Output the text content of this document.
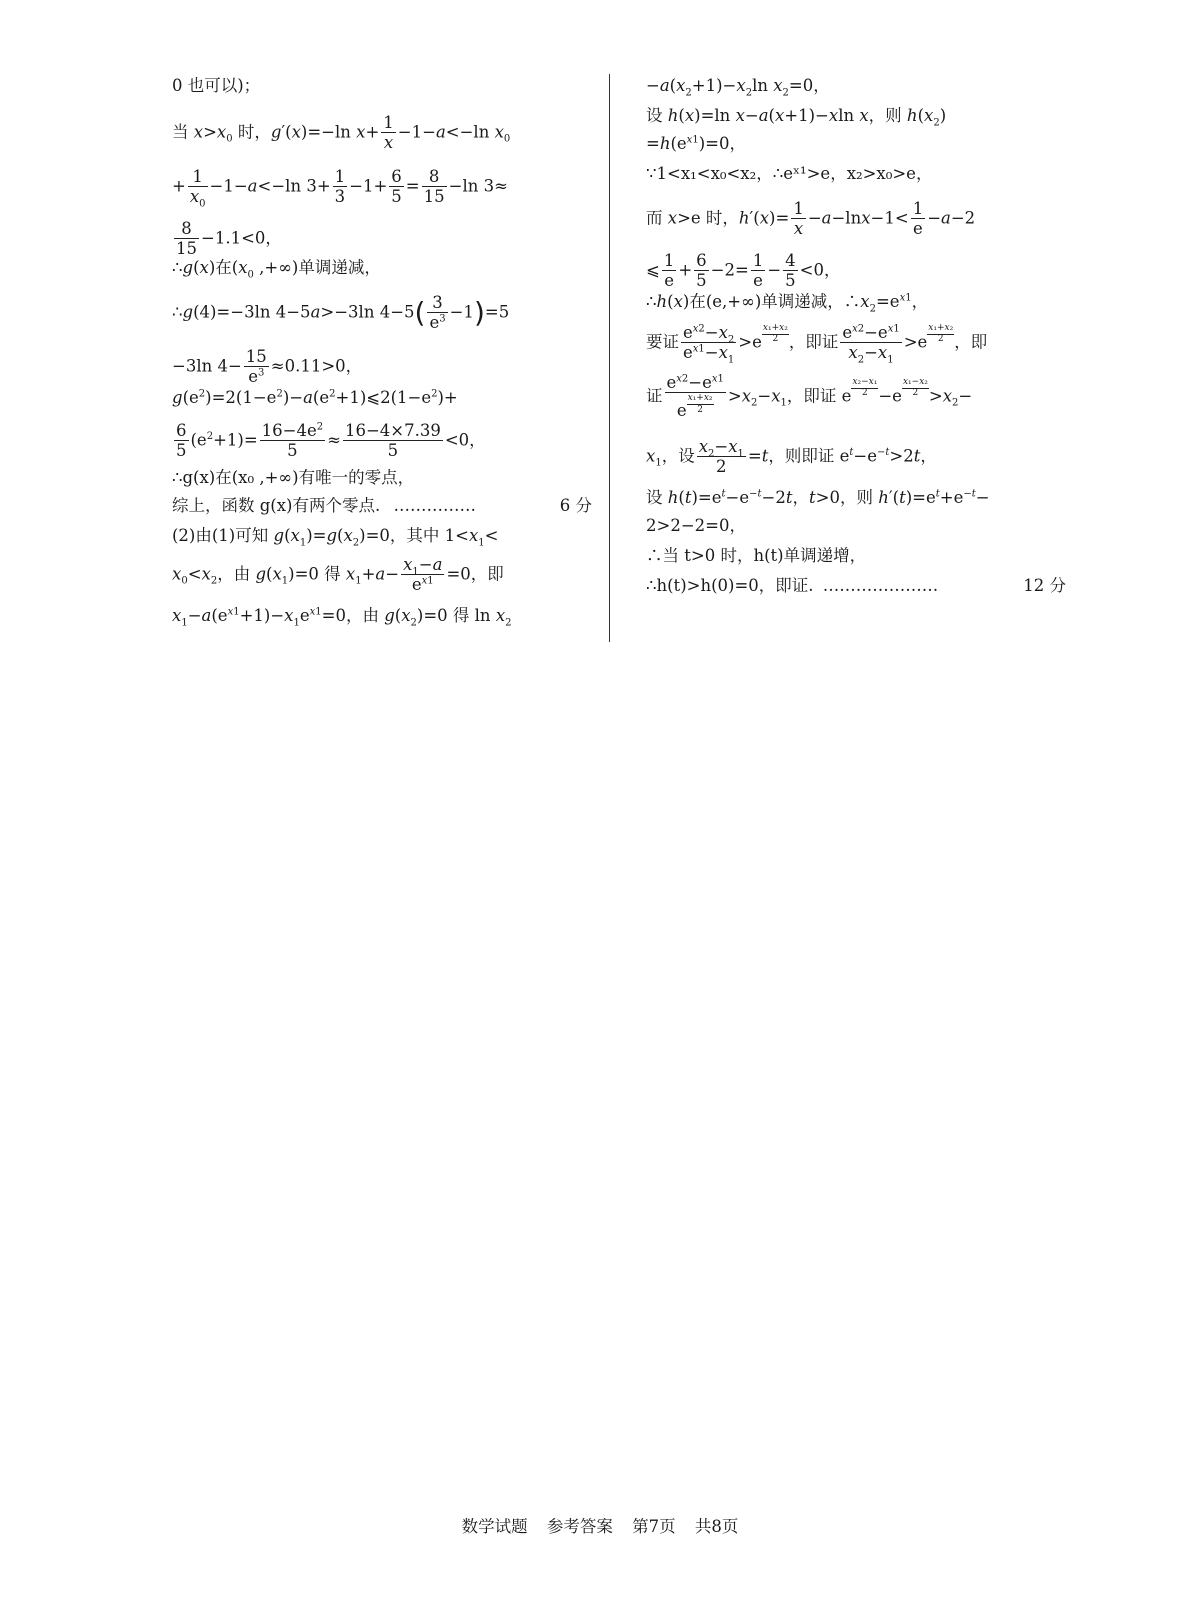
0 也可以)；
当 $x>x_0$ 时，g′(x)=−ln $x+ \frac{1}{x} -1-a<-\ln$ $x_0$
+ $\frac{1}{x_0} -1-a<-\ln$ $3+ \frac{1}{3} -1+ \frac{6}{5} = \frac{8}{15} -\ln$ 3≈
$\frac{8}{15} -1.1<0$，
∴g(x)在($x_0$ ,+∞)单调递减，
∴g(4)=−3ln 4−5a>−3ln $4-5( \frac{3}{e^3} -1)=5$
−3ln $4- \frac{15}{e^3} \approx 0.11>0$，
$g(e^2)=2(1-e^2)-a(e^2+1)⩽2(1-e^2)+$
$\frac{6}{5} (e^2+1)= \frac{16-4e^2}{5} \approx \frac{16-4\times 7.39}{5} <0$，
∴g(x)在(x₀ ,+∞)有唯一的零点，
综上，函数 g(x)有两个零点. ……………	6 分
(2)由(1)可知 $g(x_1)=g(x_2)=0$，其中 $1<x_1<$
$x_0<x_2$，由 $g(x_1)=0$ 得 $x_1+a- \frac{x_1-a}{e^{x1}} =0$，即
$x_1-a(e^{x1}+1)-x_1e^{x1}=0$，由 $g(x_2)=0$ 得 $\ln x_2$
$-a(x_2+1)-x_2\ln$ $x_2=0$，
设 h(x)=ln x−a(x+1)−xln x，则 $h(x_2)$
$=h(e^{x1})=0$，
∵1<x₁<x₀<x₂，∴eˣ¹>e，x₂>x₀>e，
而 x>e 时，$h'(x)= \frac{1}{x} -a-\ln x-1< \frac{1}{e} -a-2$
⩽ $\frac{1}{e} + \frac{6}{5} -2= \frac{1}{e} - \frac{4}{5} <0$，
∴h(x)在(e,+∞)单调递减，$\therefore x_2=e^{x1}$，
要证 $\frac{e^{x2}-x_2}{e^{x1}-x_1} >e \frac{\text{x₁+x₂}}{2}$ ，即证 $\frac{e^{x2}-e^{x1}}{x_2-x_1} >e \frac{\text{x₁+x₂}}{2}$ ，即
证 $\frac{e^{x2}-e^{x1}}{e \frac{\text{x₁+x₂}}{2}} >x_2-x_1$，即证 e $\frac{\text{x₂−x₁}}{2} -e \frac{\text{x₁−x₂}}{2} >x_2-$
$x_1$，设 $\frac{x_2-x_1}{2} =t$，则即证 $e^t-e^{-t}>2t$，
设 $h(t)=e^t-e^{-t}-2t$，t>0，则 $h'(t)=e^t+e^{-t}-$
2>2−2=0，
∴当 t>0 时，h(t)单调递增，
∴h(t)>h(0)=0，即证. …………………	12 分
数学试题 参考答案 第7页 共8页
